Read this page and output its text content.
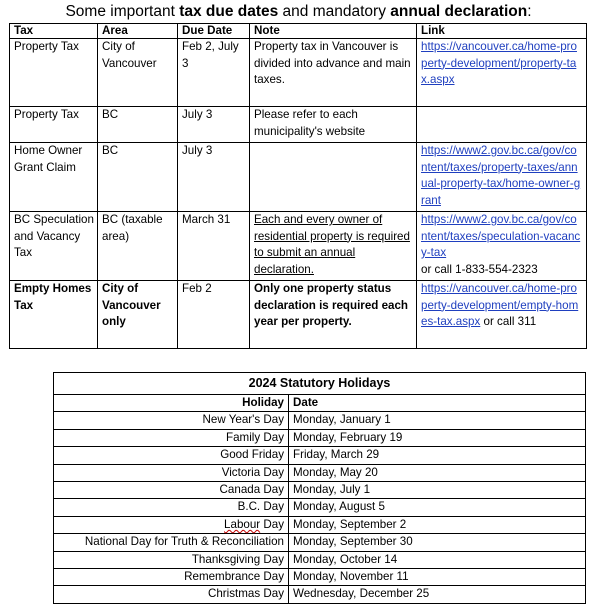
Some important tax due dates and mandatory annual declaration:
Tax	Area	Due Date	Note	Link
Property Tax	City of Vancouver	Feb 2, July 3	Property tax in Vancouver is divided into advance and main taxes.	https://vancouver.ca/home-property-development/property-tax.aspx
Property Tax	BC	July 3	Please refer to each municipality's website	
Home Owner Grant Claim	BC	July 3		https://www2.gov.bc.ca/gov/content/taxes/property-taxes/annual-property-tax/home-owner-grant
BC Speculation and Vacancy Tax	BC (taxable area)	March 31	Each and every owner of residential property is required to submit an annual declaration.	https://www2.gov.bc.ca/gov/content/taxes/speculation-vacancy-tax
or call 1-833-554-2323
Empty Homes Tax	City of Vancouver only	Feb 2	Only one property status declaration is required each year per property.	https://vancouver.ca/home-property-development/empty-homes-tax.aspx or call 311
2024 Statutory Holidays	
Holiday	Date
New Year's Day	Monday, January 1
Family Day	Monday, February 19
Good Friday	Friday, March 29
Victoria Day	Monday, May 20
Canada Day	Monday, July 1
B.C. Day	Monday, August 5
Labour Day	Monday, September 2
National Day for Truth & Reconciliation	Monday, September 30
Thanksgiving Day	Monday, October 14
Remembrance Day	Monday, November 11
Christmas Day	Wednesday, December 25
